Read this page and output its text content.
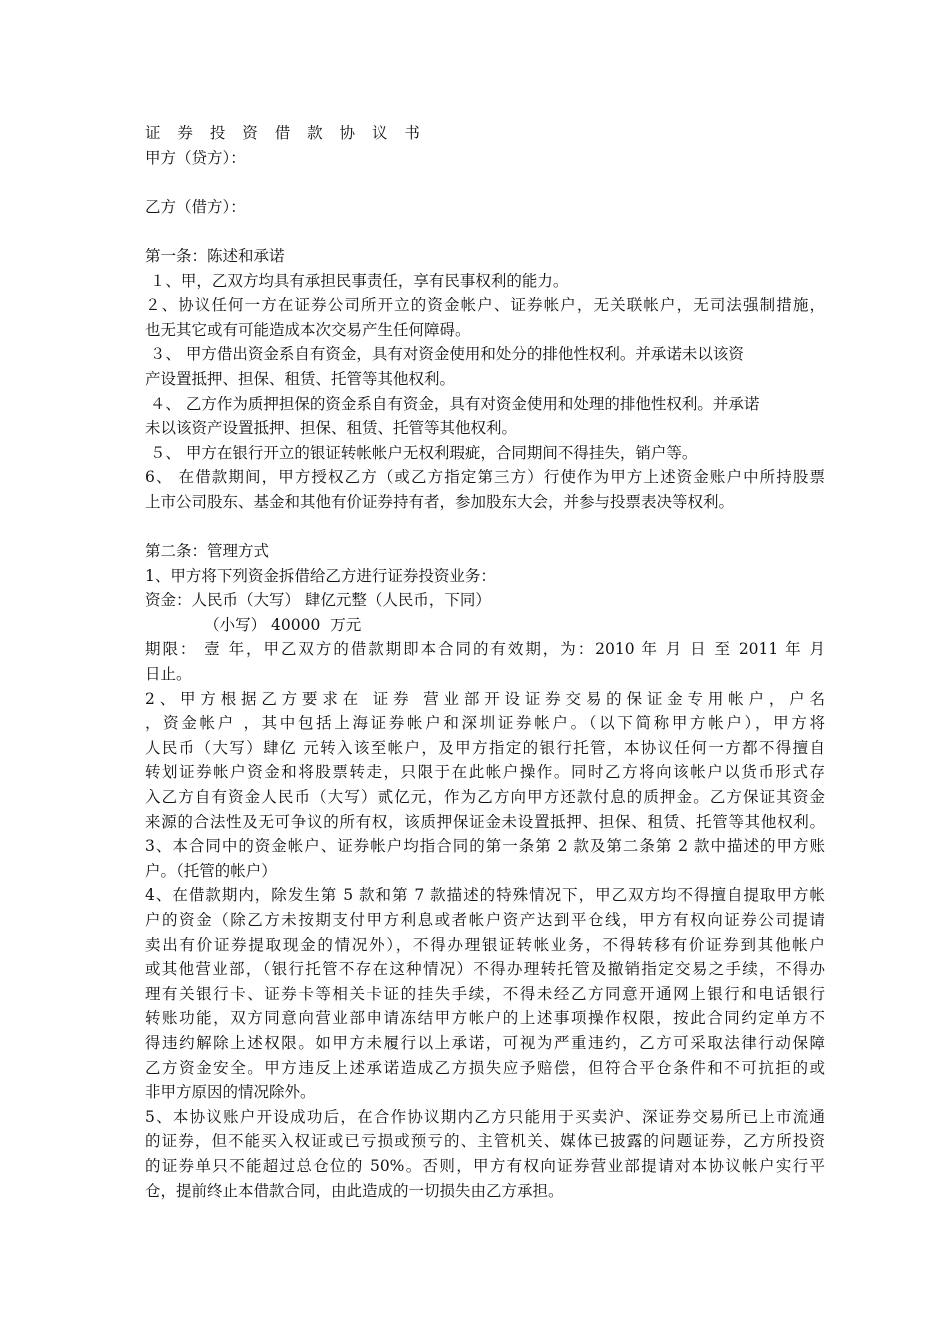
证 券 投 资 借 款 协 议 书
甲方（贷方）：
乙方（借方）：
第一条：陈述和承诺
１、甲，乙双方均具有承担民事责任，享有民事权利的能力。
２、协议任何一方在证券公司所开立的资金帐户、证券帐户，无关联帐户，无司法强制措施，
也无其它或有可能造成本次交易产生任何障碍。
３、 甲方借出资金系自有资金，具有对资金使用和处分的排他性权利。并承诺未以该资
产设置抵押、担保、租赁、托管等其他权利。
４、 乙方作为质押担保的资金系自有资金，具有对资金使用和处理的排他性权利。并承诺
未以该资产设置抵押、担保、租赁、托管等其他权利。
５、 甲方在银行开立的银证转帐帐户无权利瑕疵，合同期间不得挂失，销户等。
6、 在借款期间，甲方授权乙方（或乙方指定第三方）行使作为甲方上述资金账户中所持股票
上市公司股东、基金和其他有价证券持有者，参加股东大会，并参与投票表决等权利。
第二条：管理方式
1、甲方将下列资金拆借给乙方进行证券投资业务：
资金：人民币（大写） 肆亿元整（人民币，下同）
（小写） 40000  万元
期限： 壹 年，甲乙双方的借款期即本合同的有效期，为：2010 年 月 日 至 2011 年 月
日止。
2、甲方根据乙方要求在 证券 营业部开设证券交易的保证金专用帐户，户名
，资金帐户 ，其中包括上海证券帐户和深圳证券帐户。（以下简称甲方帐户），甲方将
人民币（大写）肆亿 元转入该至帐户，及甲方指定的银行托管，本协议任何一方都不得擅自
转划证券帐户资金和将股票转走，只限于在此帐户操作。同时乙方将向该帐户以货币形式存
入乙方自有资金人民币（大写）贰亿元，作为乙方向甲方还款付息的质押金。乙方保证其资金
来源的合法性及无可争议的所有权，该质押保证金未设置抵押、担保、租赁、托管等其他权利。
3、本合同中的资金帐户、证券帐户均指合同的第一条第 2 款及第二条第 2 款中描述的甲方账
户。（托管的帐户）
4、在借款期内，除发生第 5 款和第 7 款描述的特殊情况下，甲乙双方均不得擅自提取甲方帐
户的资金（除乙方未按期支付甲方利息或者帐户资产达到平仓线，甲方有权向证券公司提请
卖出有价证券提取现金的情况外），不得办理银证转帐业务，不得转移有价证券到其他帐户
或其他营业部，（银行托管不存在这种情况）不得办理转托管及撤销指定交易之手续，不得办
理有关银行卡、证券卡等相关卡证的挂失手续，不得未经乙方同意开通网上银行和电话银行
转账功能，双方同意向营业部申请冻结甲方帐户的上述事项操作权限，按此合同约定单方不
得违约解除上述权限。如甲方未履行以上承诺，可视为严重违约，乙方可采取法律行动保障
乙方资金安全。甲方违反上述承诺造成乙方损失应予赔偿，但符合平仓条件和不可抗拒的或
非甲方原因的情况除外。
5、本协议账户开设成功后，在合作协议期内乙方只能用于买卖沪、深证券交易所已上市流通
的证券，但不能买入权证或已亏损或预亏的、主管机关、媒体已披露的问题证券，乙方所投资
的证券单只不能超过总仓位的 50%。否则，甲方有权向证券营业部提请对本协议帐户实行平
仓，提前终止本借款合同，由此造成的一切损失由乙方承担。
